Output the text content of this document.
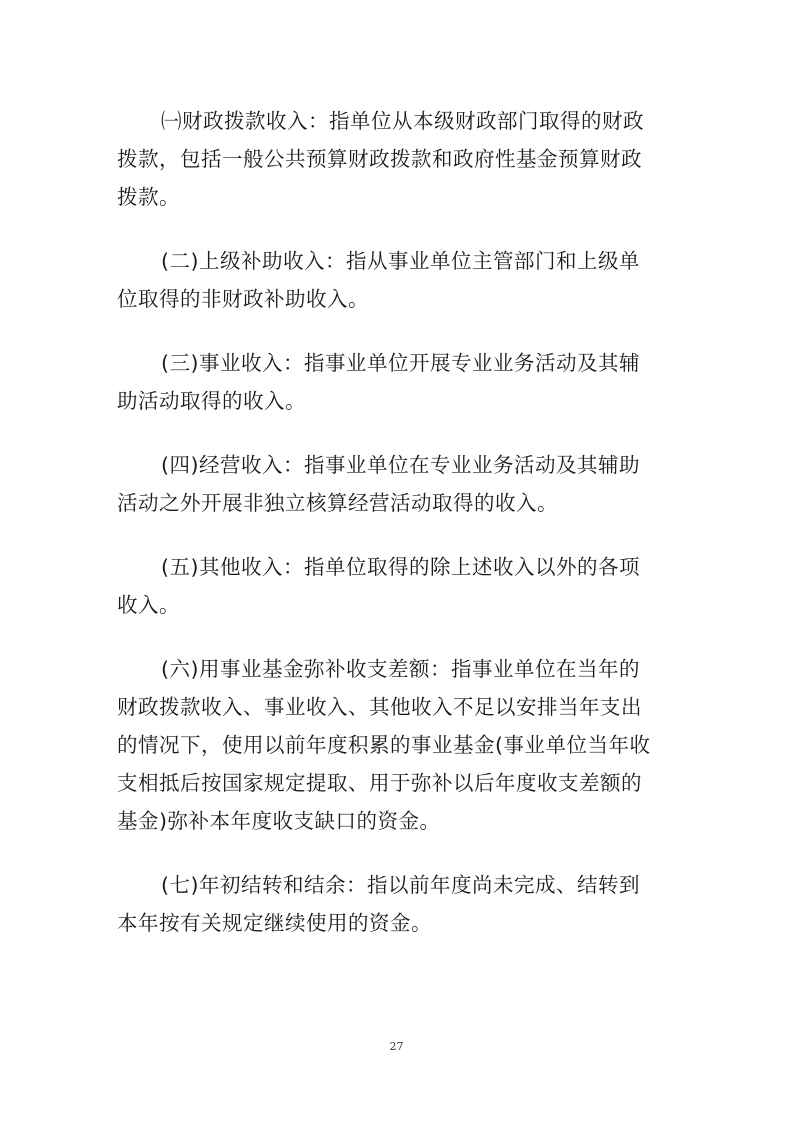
㈠财政拨款收入：指单位从本级财政部门取得的财政
拨款，包括一般公共预算财政拨款和政府性基金预算财政
拨款。
(二)上级补助收入：指从事业单位主管部门和上级单
位取得的非财政补助收入。
(三)事业收入：指事业单位开展专业业务活动及其辅
助活动取得的收入。
(四)经营收入：指事业单位在专业业务活动及其辅助
活动之外开展非独立核算经营活动取得的收入。
(五)其他收入：指单位取得的除上述收入以外的各项
收入。
(六)用事业基金弥补收支差额：指事业单位在当年的
财政拨款收入、事业收入、其他收入不足以安排当年支出
的情况下，使用以前年度积累的事业基金(事业单位当年收
支相抵后按国家规定提取、用于弥补以后年度收支差额的
基金)弥补本年度收支缺口的资金。
(七)年初结转和结余：指以前年度尚未完成、结转到
本年按有关规定继续使用的资金。
27
